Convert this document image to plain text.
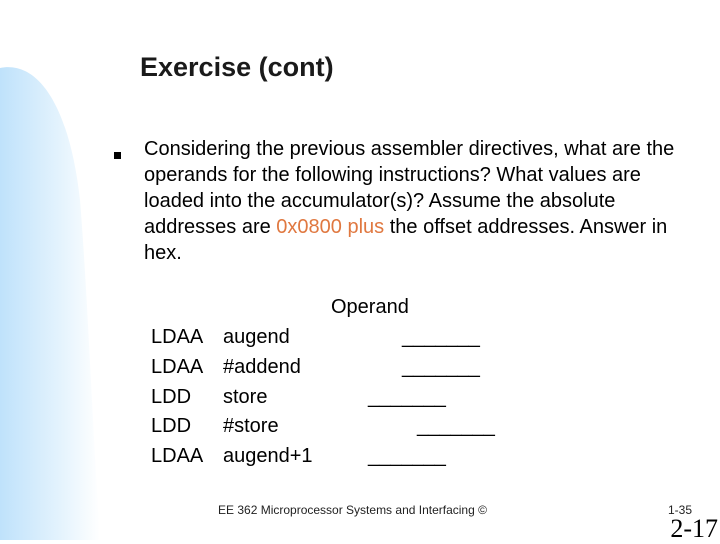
Exercise (cont)
Considering the previous assembler directives, what are the operands for the following instructions? What values are loaded into the accumulator(s)? Assume the absolute addresses are 0x0800 plus the offset addresses. Answer in hex.
Operand
LDAA augend
LDAA #addend
LDD store
LDD #store
LDAA augend+1
_______
_______
_______
_______
_______
EE 362 Microprocessor Systems and Interfacing ©	1-35
2-17
